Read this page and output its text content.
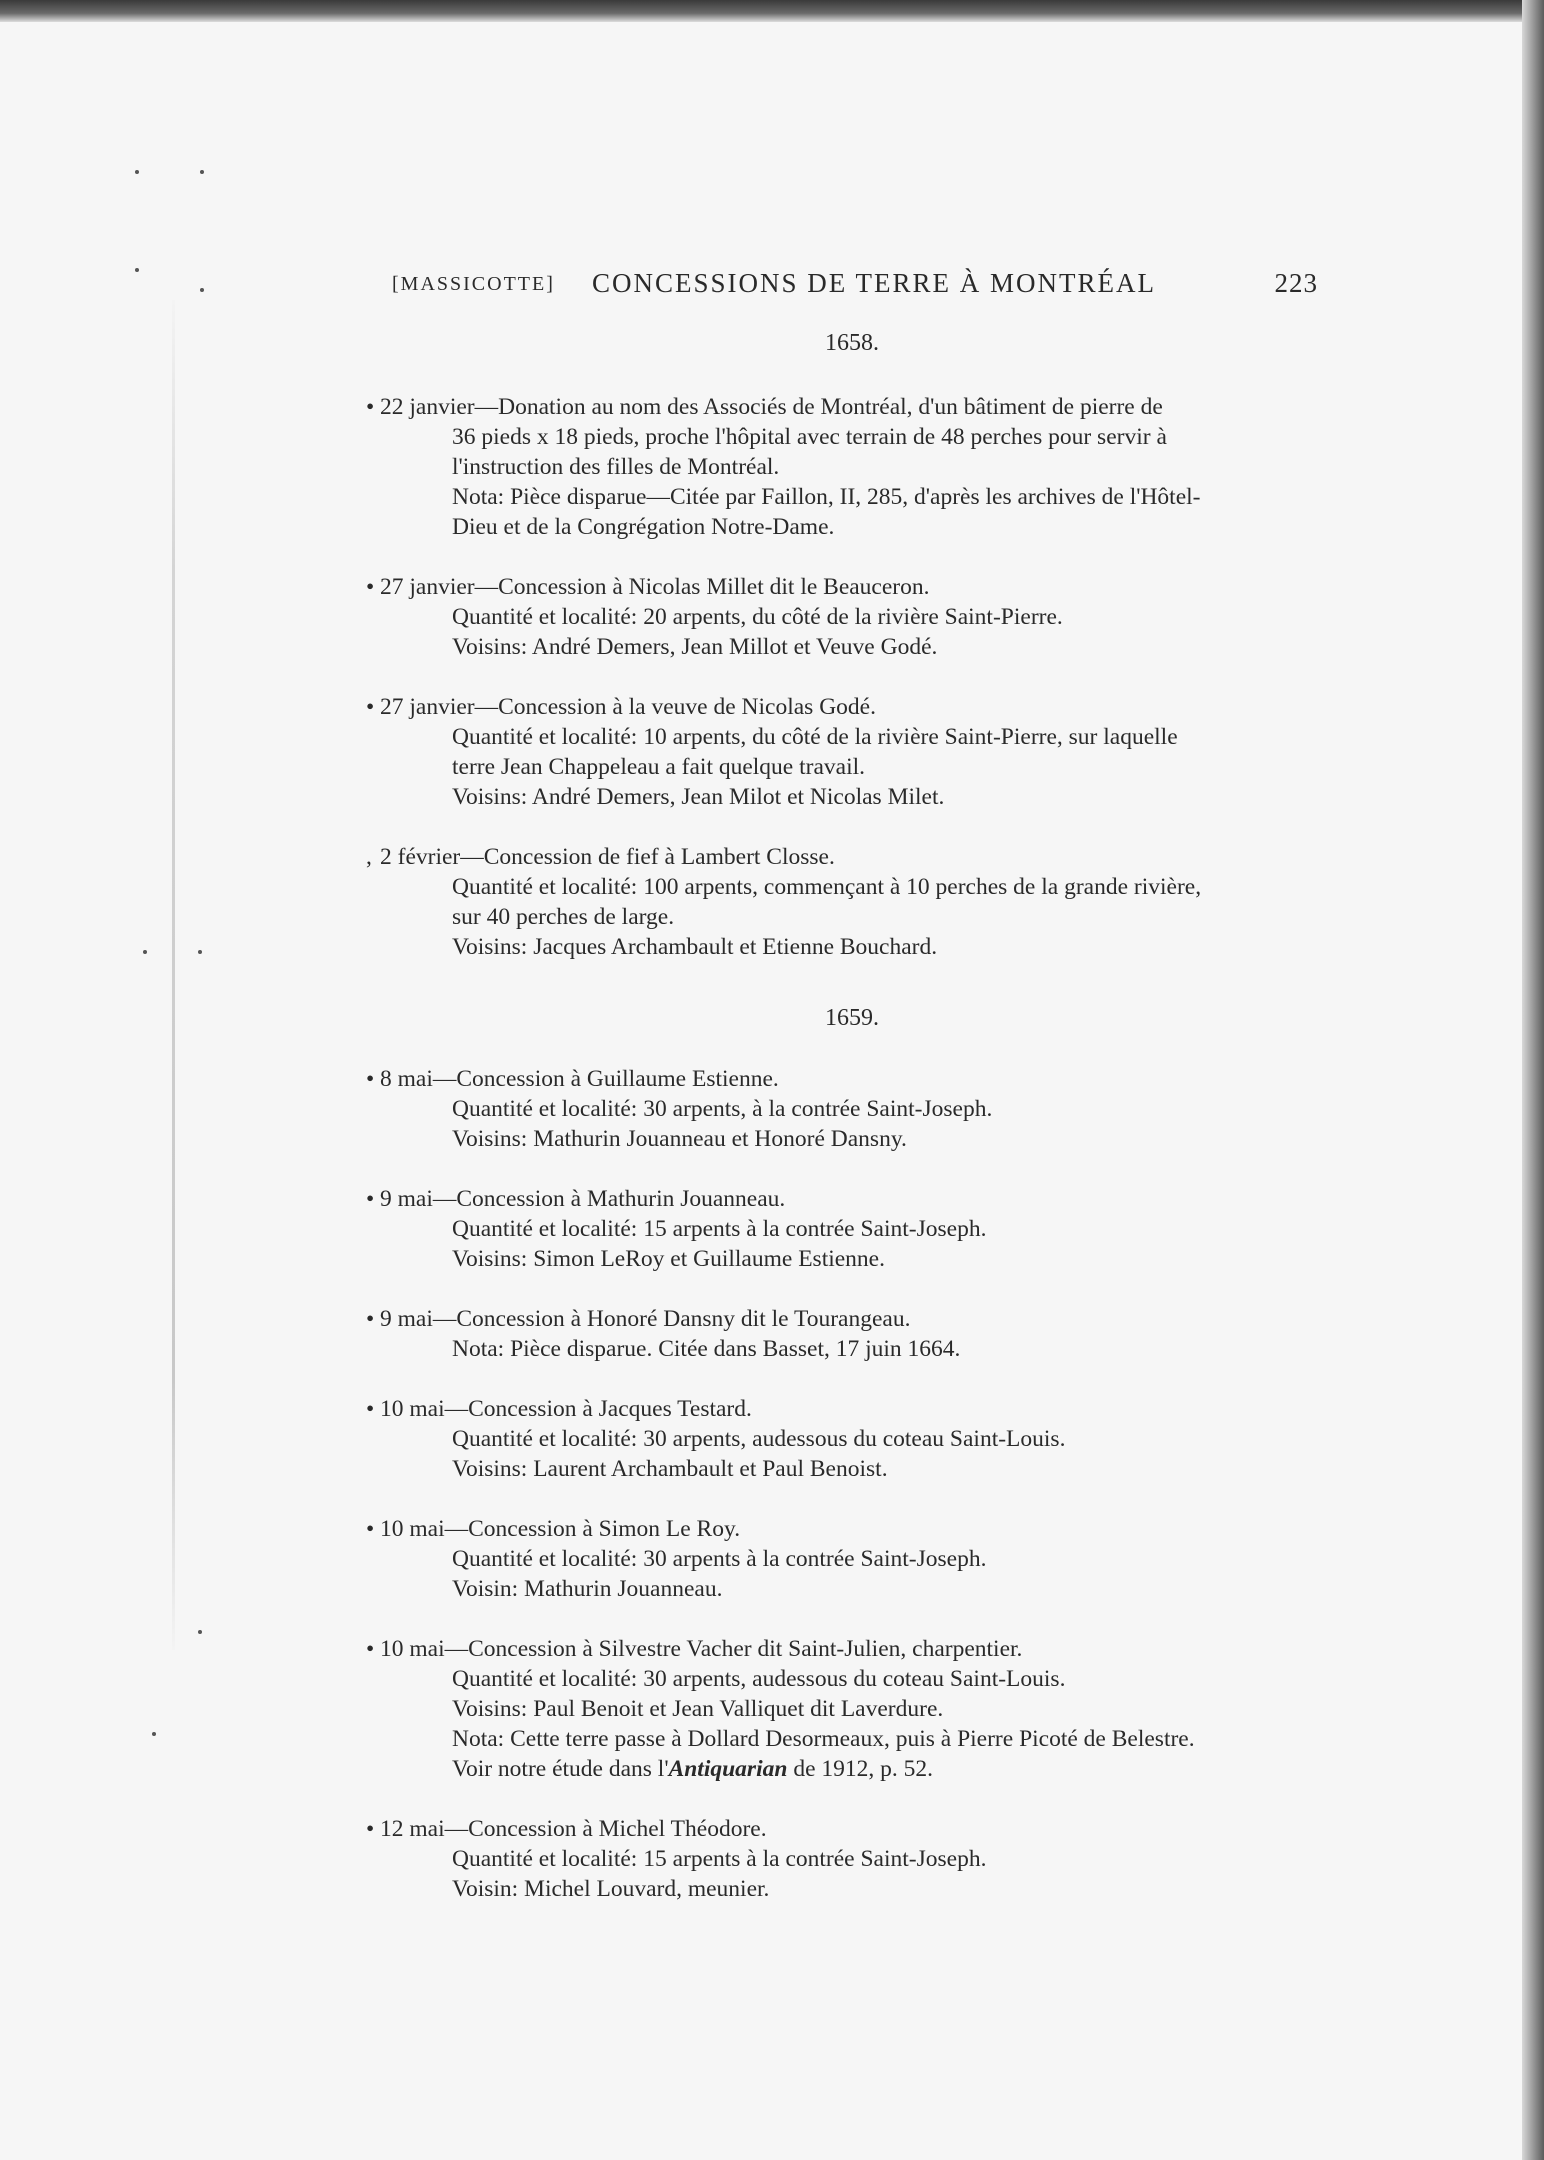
[MASSICOTTE] CONCESSIONS DE TERRE À MONTRÉAL	223
1658.
• 22 janvier—Donation au nom des Associés de Montréal, d'un bâtiment de pierre de
36 pieds x 18 pieds, proche l'hôpital avec terrain de 48 perches pour servir à
l'instruction des filles de Montréal.
Nota: Pièce disparue—Citée par Faillon, II, 285, d'après les archives de l'Hôtel-
Dieu et de la Congrégation Notre-Dame.
• 27 janvier—Concession à Nicolas Millet dit le Beauceron.
Quantité et localité: 20 arpents, du côté de la rivière Saint-Pierre.
Voisins: André Demers, Jean Millot et Veuve Godé.
• 27 janvier—Concession à la veuve de Nicolas Godé.
Quantité et localité: 10 arpents, du côté de la rivière Saint-Pierre, sur laquelle
terre Jean Chappeleau a fait quelque travail.
Voisins: André Demers, Jean Milot et Nicolas Milet.
, 2 février—Concession de fief à Lambert Closse.
Quantité et localité: 100 arpents, commençant à 10 perches de la grande rivière,
sur 40 perches de large.
Voisins: Jacques Archambault et Etienne Bouchard.
1659.
• 8 mai—Concession à Guillaume Estienne.
Quantité et localité: 30 arpents, à la contrée Saint-Joseph.
Voisins: Mathurin Jouanneau et Honoré Dansny.
• 9 mai—Concession à Mathurin Jouanneau.
Quantité et localité: 15 arpents à la contrée Saint-Joseph.
Voisins: Simon LeRoy et Guillaume Estienne.
• 9 mai—Concession à Honoré Dansny dit le Tourangeau.
Nota: Pièce disparue. Citée dans Basset, 17 juin 1664.
• 10 mai—Concession à Jacques Testard.
Quantité et localité: 30 arpents, audessous du coteau Saint-Louis.
Voisins: Laurent Archambault et Paul Benoist.
• 10 mai—Concession à Simon Le Roy.
Quantité et localité: 30 arpents à la contrée Saint-Joseph.
Voisin: Mathurin Jouanneau.
• 10 mai—Concession à Silvestre Vacher dit Saint-Julien, charpentier.
Quantité et localité: 30 arpents, audessous du coteau Saint-Louis.
Voisins: Paul Benoit et Jean Valliquet dit Laverdure.
Nota: Cette terre passe à Dollard Desormeaux, puis à Pierre Picoté de Belestre.
Voir notre étude dans l'Antiquarian de 1912, p. 52.
• 12 mai—Concession à Michel Théodore.
Quantité et localité: 15 arpents à la contrée Saint-Joseph.
Voisin: Michel Louvard, meunier.
